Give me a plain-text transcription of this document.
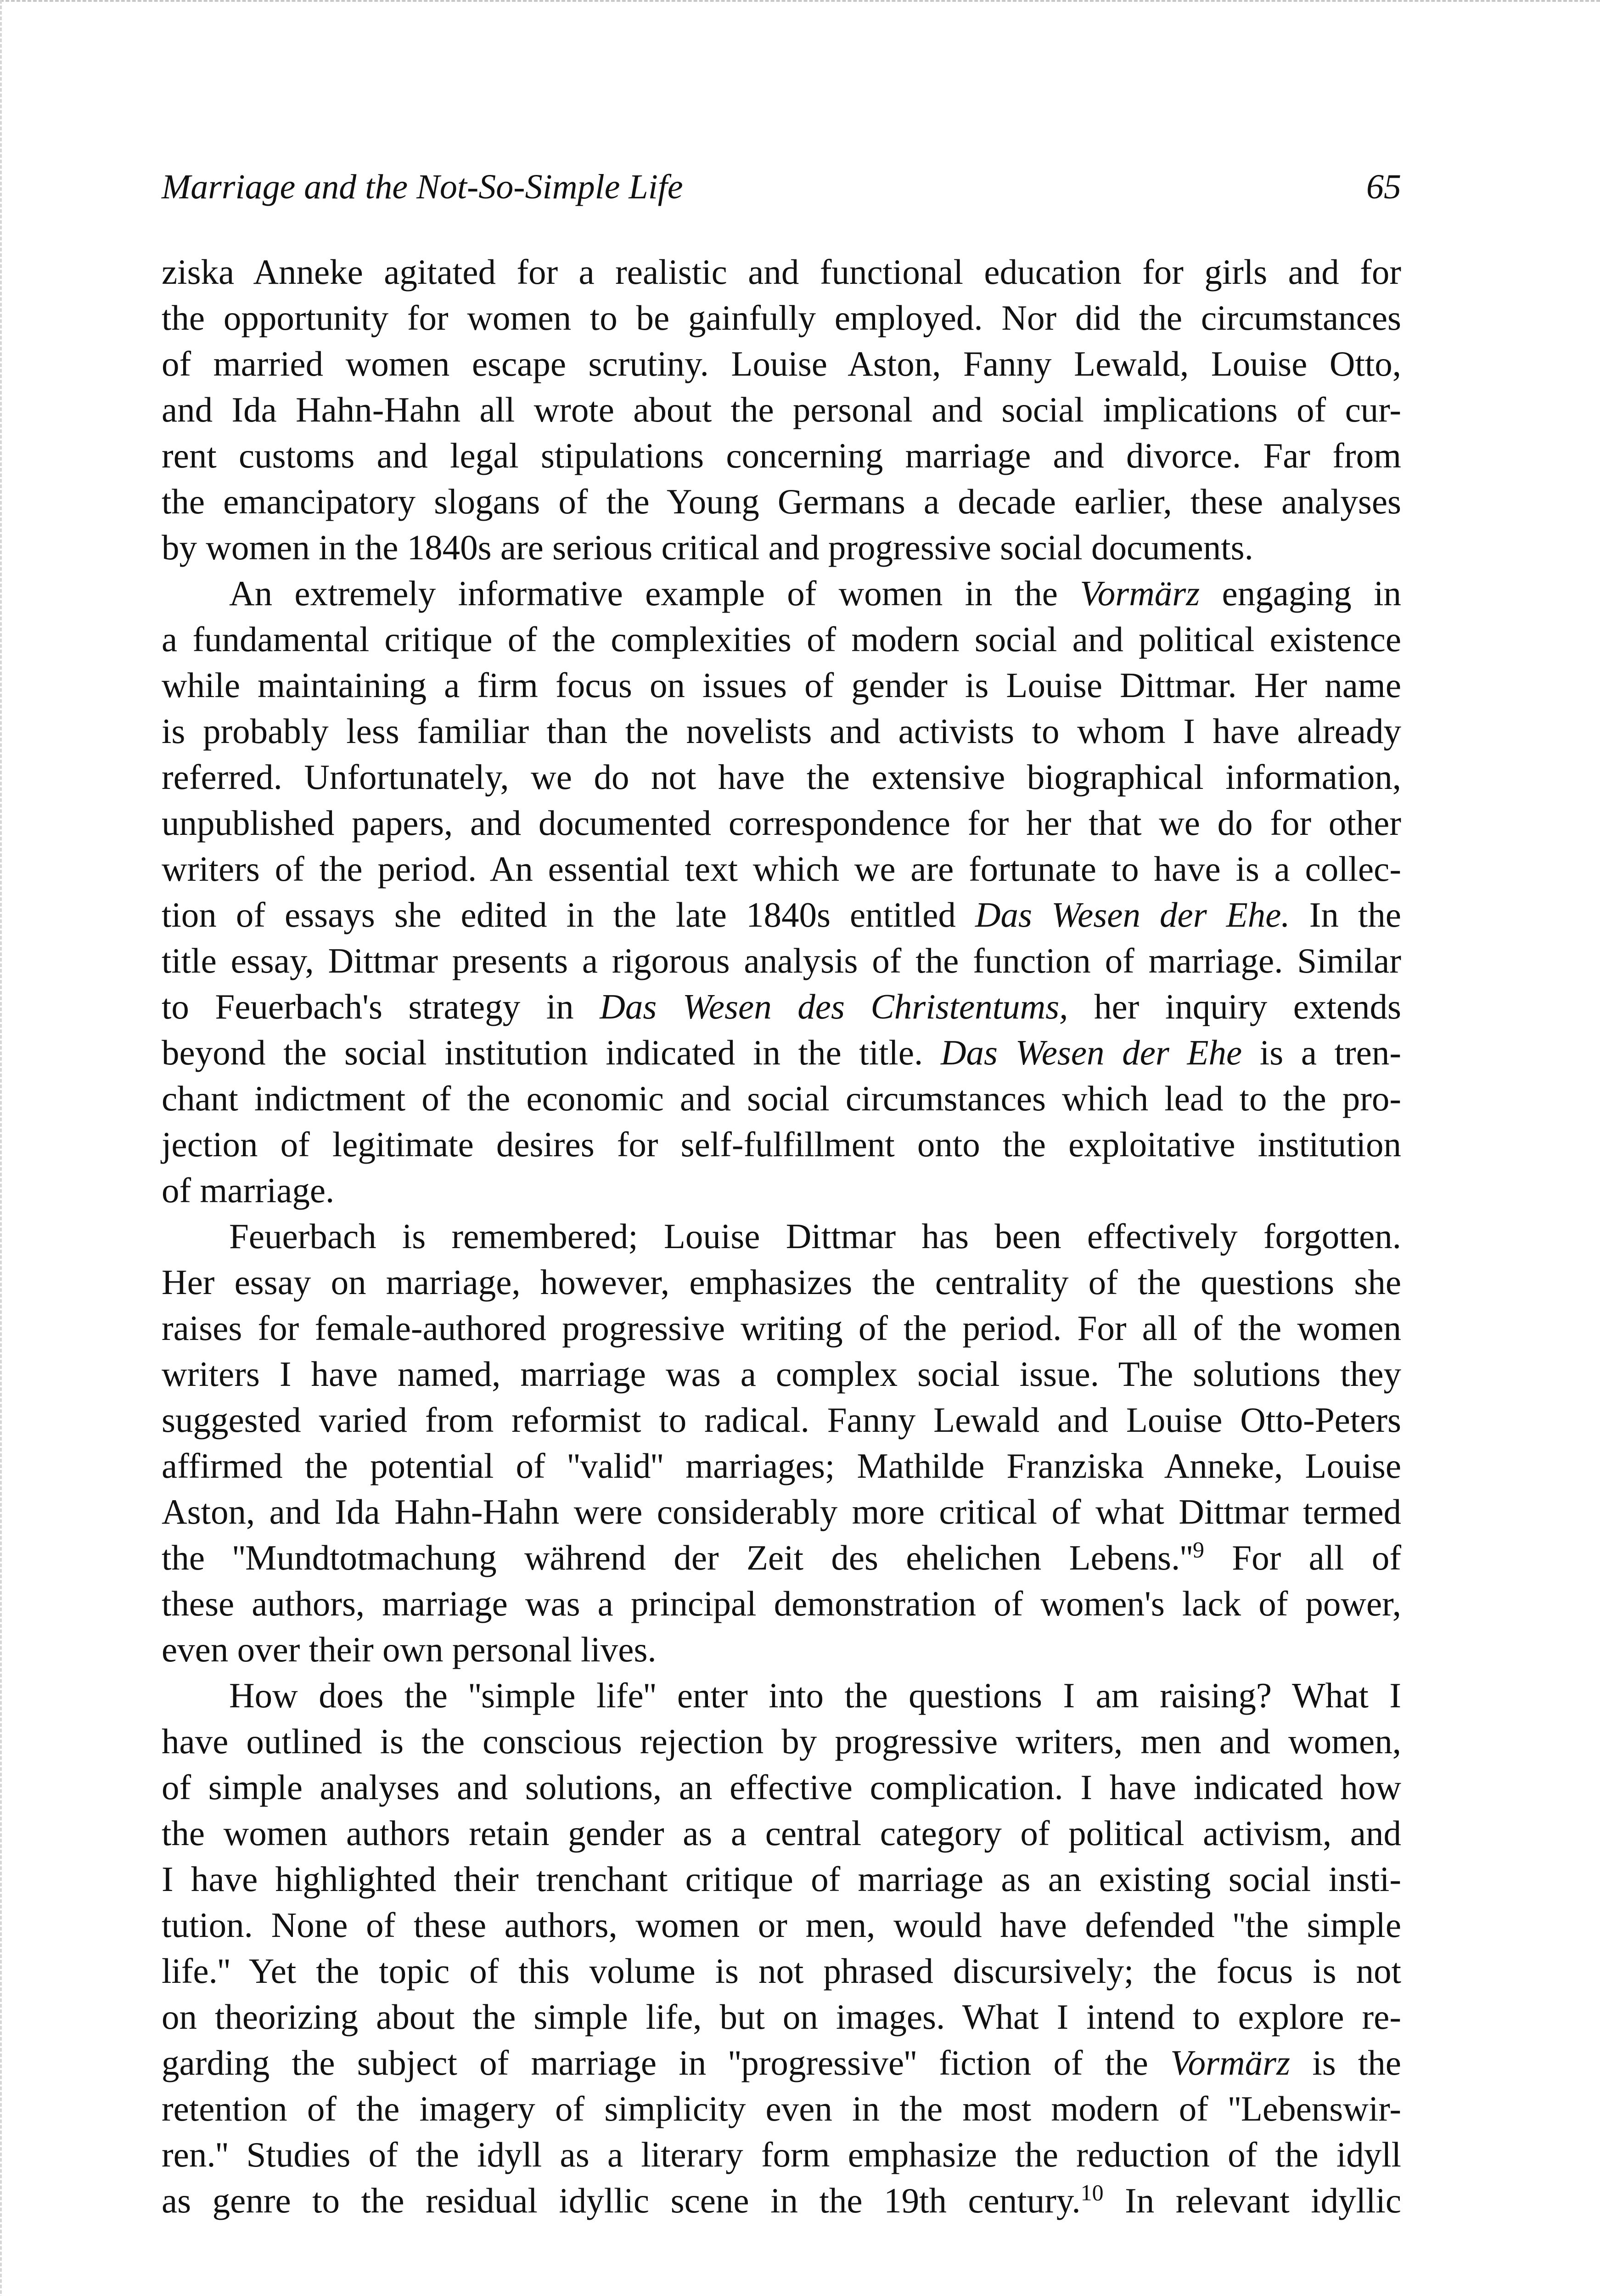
Marriage and the Not-So-Simple Life	65
ziska Anneke agitated for a realistic and functional education for girls and for
the opportunity for women to be gainfully employed. Nor did the circumstances
of married women escape scrutiny. Louise Aston, Fanny Lewald, Louise Otto,
and Ida Hahn-Hahn all wrote about the personal and social implications of cur-
rent customs and legal stipulations concerning marriage and divorce. Far from
the emancipatory slogans of the Young Germans a decade earlier, these analyses
by women in the 1840s are serious critical and progressive social documents.
An extremely informative example of women in the Vormärz engaging in
a fundamental critique of the complexities of modern social and political existence
while maintaining a firm focus on issues of gender is Louise Dittmar. Her name
is probably less familiar than the novelists and activists to whom I have already
referred. Unfortunately, we do not have the extensive biographical information,
unpublished papers, and documented correspondence for her that we do for other
writers of the period. An essential text which we are fortunate to have is a collec-
tion of essays she edited in the late 1840s entitled Das Wesen der Ehe. In the
title essay, Dittmar presents a rigorous analysis of the function of marriage. Similar
to Feuerbach's strategy in Das Wesen des Christentums, her inquiry extends
beyond the social institution indicated in the title. Das Wesen der Ehe is a tren-
chant indictment of the economic and social circumstances which lead to the pro-
jection of legitimate desires for self-fulfillment onto the exploitative institution
of marriage.
Feuerbach is remembered; Louise Dittmar has been effectively forgotten.
Her essay on marriage, however, emphasizes the centrality of the questions she
raises for female-authored progressive writing of the period. For all of the women
writers I have named, marriage was a complex social issue. The solutions they
suggested varied from reformist to radical. Fanny Lewald and Louise Otto-Peters
affirmed the potential of ''valid'' marriages; Mathilde Franziska Anneke, Louise
Aston, and Ida Hahn-Hahn were considerably more critical of what Dittmar termed
the ''Mundtotmachung während der Zeit des ehelichen $Lebens.''^9$ For all of
these authors, marriage was a principal demonstration of women's lack of power,
even over their own personal lives.
How does the ''simple life'' enter into the questions I am raising? What I
have outlined is the conscious rejection by progressive writers, men and women,
of simple analyses and solutions, an effective complication. I have indicated how
the women authors retain gender as a central category of political activism, and
I have highlighted their trenchant critique of marriage as an existing social insti-
tution. None of these authors, women or men, would have defended ''the simple
life.'' Yet the topic of this volume is not phrased discursively; the focus is not
on theorizing about the simple life, but on images. What I intend to explore re-
garding the subject of marriage in ''progressive'' fiction of the Vormärz is the
retention of the imagery of simplicity even in the most modern of ''Lebenswir-
ren.'' Studies of the idyll as a literary form emphasize the reduction of the idyll
as genre to the residual idyllic scene in the 19th century.$^{10}$ In relevant idyllic
